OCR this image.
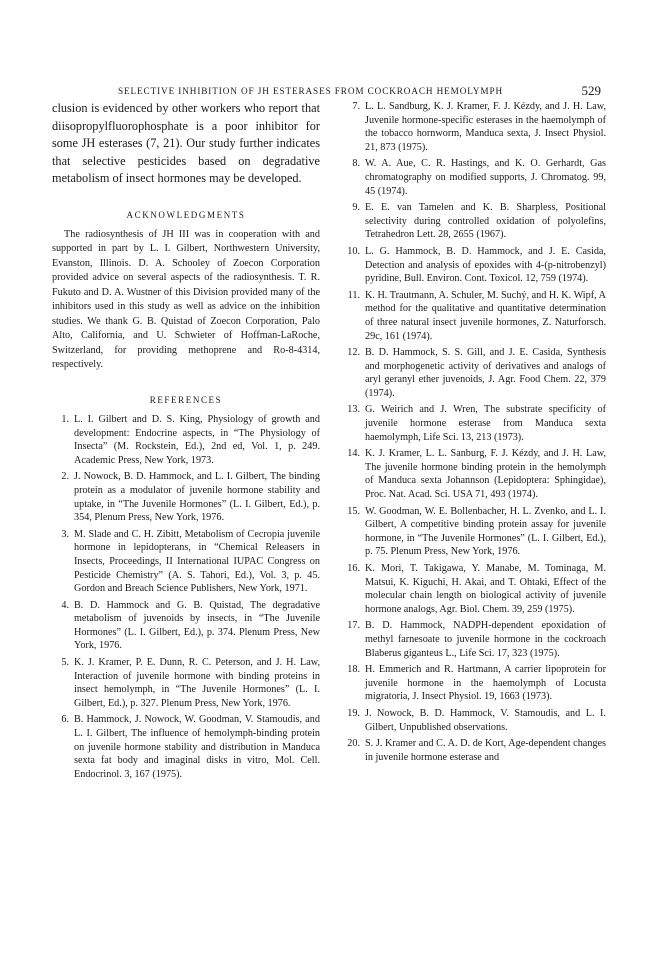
SELECTIVE INHIBITION OF JH ESTERASES FROM COCKROACH HEMOLYMPH	529

clusion is evidenced by other workers who report that diisopropylfluorophosphate is a poor inhibitor for some JH esterases (7, 21). Our study further indicates that selective pesticides based on degradative metabolism of insect hormones may be developed.

ACKNOWLEDGMENTS

The radiosynthesis of JH III was in cooperation with and supported in part by L. I. Gilbert, Northwestern University, Evanston, Illinois. D. A. Schooley of Zoecon Corporation provided advice on several aspects of the radiosynthesis. T. R. Fukuto and D. A. Wustner of this Division provided many of the inhibitors used in this study as well as advice on the inhibition studies. We thank G. B. Quistad of Zoecon Corporation, Palo Alto, California, and U. Schwieter of Hoffman-LaRoche, Switzerland, for providing methoprene and Ro-8-4314, respectively.

REFERENCES
1. L. I. Gilbert and D. S. King, Physiology of growth and development: Endocrine aspects, in “The Physiology of Insecta” (M. Rockstein, Ed.), 2nd ed, Vol. 1, p. 249. Academic Press, New York, 1973.
2. J. Nowock, B. D. Hammock, and L. I. Gilbert, The binding protein as a modulator of juvenile hormone stability and uptake, in “The Juvenile Hormones” (L. I. Gilbert, Ed.), p. 354, Plenum Press, New York, 1976.
3. M. Slade and C. H. Zibitt, Metabolism of Cecropia juvenile hormone in lepidopterans, in “Chemical Releasers in Insects, Proceedings, II International IUPAC Congress on Pesticide Chemistry” (A. S. Tahori, Ed.), Vol. 3, p. 45. Gordon and Breach Science Publishers, New York, 1971.
4. B. D. Hammock and G. B. Quistad, The degradative metabolism of juvenoids by insects, in “The Juvenile Hormones” (L. I. Gilbert, Ed.), p. 374. Plenum Press, New York, 1976.
5. K. J. Kramer, P. E. Dunn, R. C. Peterson, and J. H. Law, Interaction of juvenile hormone with binding proteins in insect hemolymph, in “The Juvenile Hormones” (L. I. Gilbert, Ed.), p. 327. Plenum Press, New York, 1976.
6. B. Hammock, J. Nowock, W. Goodman, V. Stamoudis, and L. I. Gilbert, The influence of hemolymph-binding protein on juvenile hormone stability and distribution in Manduca sexta fat body and imaginal disks in vitro, Mol. Cell. Endocrinol. 3, 167 (1975).
7. L. L. Sandburg, K. J. Kramer, F. J. Kézdy, and J. H. Law, Juvenile hormone-specific esterases in the haemolymph of the tobacco hornworm, Manduca sexta, J. Insect Physiol. 21, 873 (1975).
8. W. A. Aue, C. R. Hastings, and K. O. Gerhardt, Gas chromatography on modified supports, J. Chromatog. 99, 45 (1974).
9. E. E. van Tamelen and K. B. Sharpless, Positional selectivity during controlled oxidation of polyolefins, Tetrahedron Lett. 28, 2655 (1967).
10. L. G. Hammock, B. D. Hammock, and J. E. Casida, Detection and analysis of epoxides with 4-(p-nitrobenzyl) pyridine, Bull. Environ. Cont. Toxicol. 12, 759 (1974).
11. K. H. Trautmann, A. Schuler, M. Suchý, and H. K. Wipf, A method for the qualitative and quantitative determination of three natural insect juvenile hormones, Z. Naturforsch. 29c, 161 (1974).
12. B. D. Hammock, S. S. Gill, and J. E. Casida, Synthesis and morphogenetic activity of derivatives and analogs of aryl geranyl ether juvenoids, J. Agr. Food Chem. 22, 379 (1974).
13. G. Weirich and J. Wren, The substrate specificity of juvenile hormone esterase from Manduca sexta haemolymph, Life Sci. 13, 213 (1973).
14. K. J. Kramer, L. L. Sanburg, F. J. Kézdy, and J. H. Law, The juvenile hormone binding protein in the hemolymph of Manduca sexta Johannson (Lepidoptera: Sphingidae), Proc. Nat. Acad. Sci. USA 71, 493 (1974).
15. W. Goodman, W. E. Bollenbacher, H. L. Zvenko, and L. I. Gilbert, A competitive binding protein assay for juvenile hormone, in “The Juvenile Hormones” (L. I. Gilbert, Ed.), p. 75. Plenum Press, New York, 1976.
16. K. Mori, T. Takigawa, Y. Manabe, M. Tominaga, M. Matsui, K. Kiguchi, H. Akai, and T. Ohtaki, Effect of the molecular chain length on biological activity of juvenile hormone analogs, Agr. Biol. Chem. 39, 259 (1975).
17. B. D. Hammock, NADPH-dependent epoxidation of methyl farnesoate to juvenile hormone in the cockroach Blaberus giganteus L., Life Sci. 17, 323 (1975).
18. H. Emmerich and R. Hartmann, A carrier lipoprotein for juvenile hormone in the haemolymph of Locusta migratoria, J. Insect Physiol. 19, 1663 (1973).
19. J. Nowock, B. D. Hammock, V. Stamoudis, and L. I. Gilbert, Unpublished observations.
20. S. J. Kramer and C. A. D. de Kort, Age-dependent changes in juvenile hormone esterase and
